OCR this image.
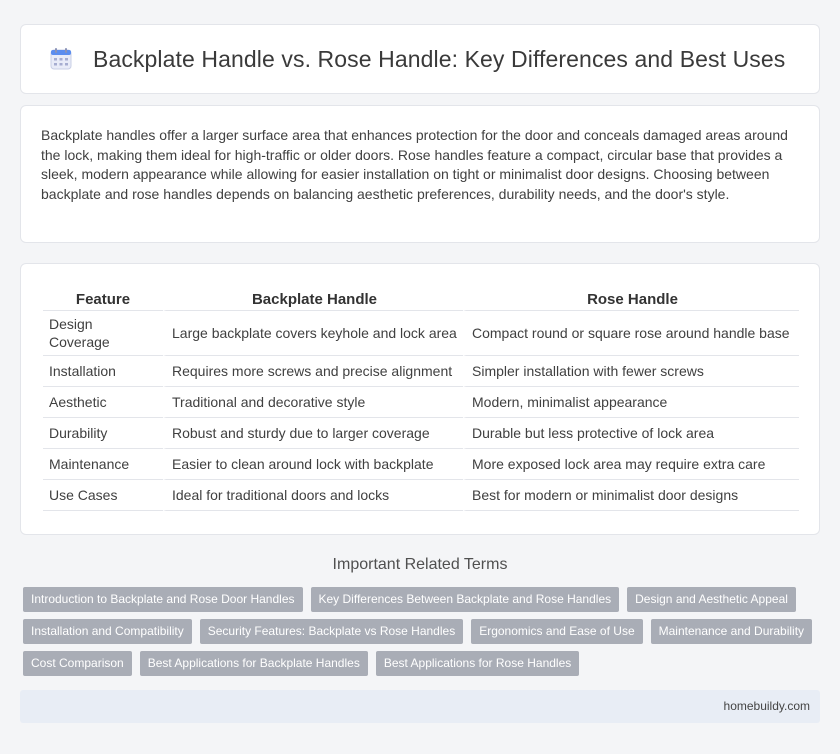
Backplate Handle vs. Rose Handle: Key Differences and Best Uses

Backplate handles offer a larger surface area that enhances protection for the door and conceals damaged areas around the lock, making them ideal for high-traffic or older doors. Rose handles feature a compact, circular base that provides a sleek, modern appearance while allowing for easier installation on tight or minimalist door designs. Choosing between backplate and rose handles depends on balancing aesthetic preferences, durability needs, and the door's style.

Feature	Backplate Handle	Rose Handle
Design Coverage	Large backplate covers keyhole and lock area	Compact round or square rose around handle base
Installation	Requires more screws and precise alignment	Simpler installation with fewer screws
Aesthetic	Traditional and decorative style	Modern, minimalist appearance
Durability	Robust and sturdy due to larger coverage	Durable but less protective of lock area
Maintenance	Easier to clean around lock with backplate	More exposed lock area may require extra care
Use Cases	Ideal for traditional doors and locks	Best for modern or minimalist door designs
Important Related Terms
Introduction to Backplate and Rose Door Handles	Key Differences Between Backplate and Rose Handles	Design and Aesthetic Appeal
Installation and Compatibility	Security Features: Backplate vs Rose Handles	Ergonomics and Ease of Use	Maintenance and Durability
Cost Comparison	Best Applications for Backplate Handles	Best Applications for Rose Handles
homebuildy.com
